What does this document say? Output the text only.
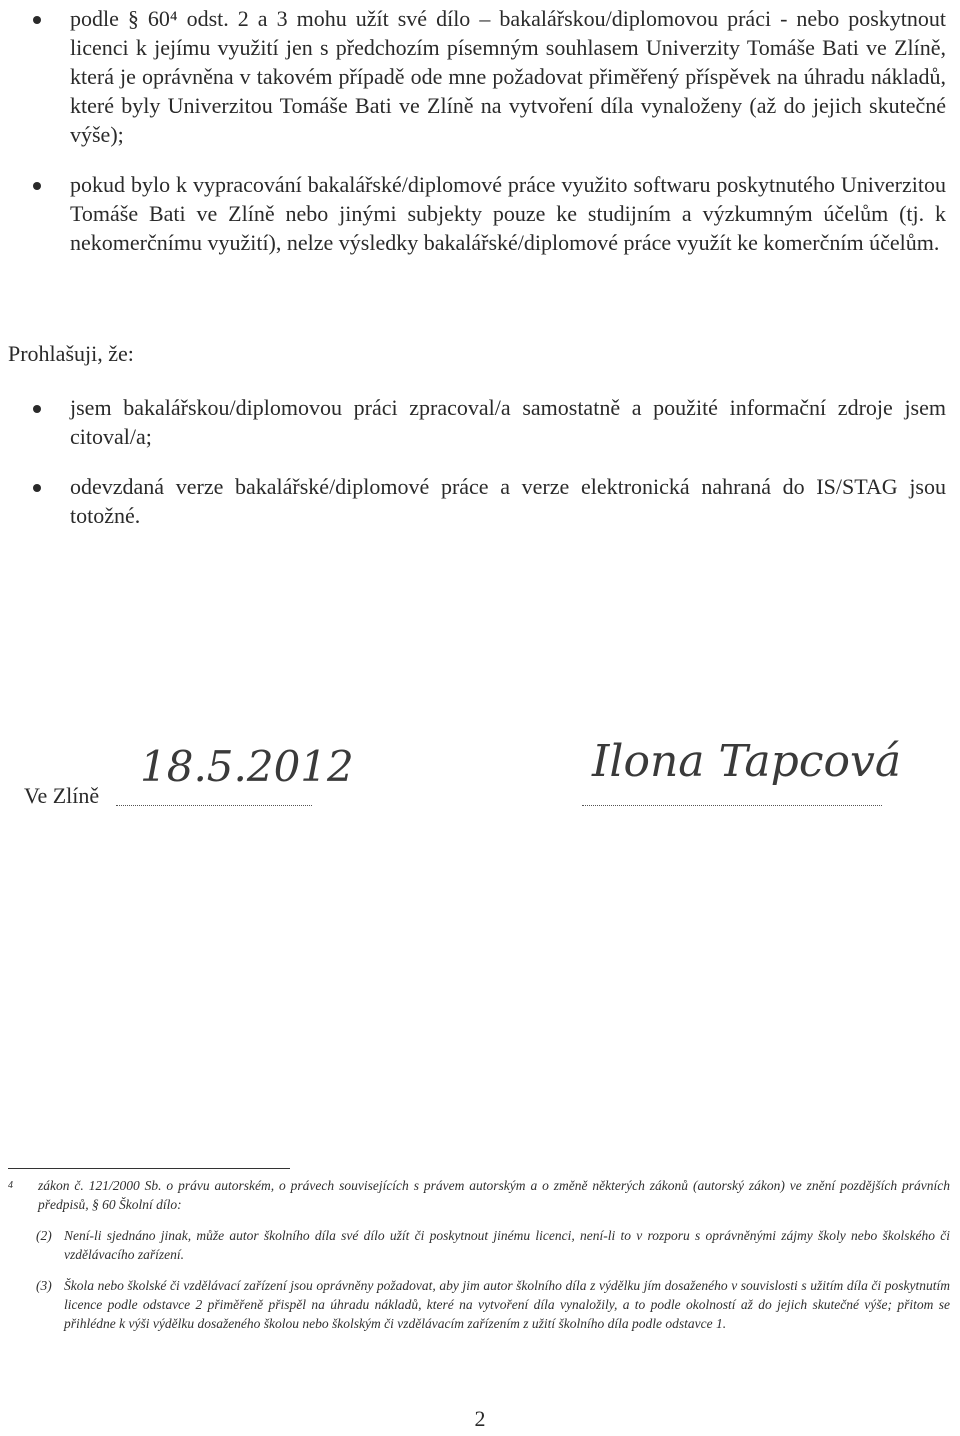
podle § 60⁴ odst. 2 a 3 mohu užít své dílo – bakalářskou/diplomovou práci - nebo poskytnout licenci k jejímu využití jen s předchozím písemným souhlasem Univerzity Tomáše Bati ve Zlíně, která je oprávněna v takovém případě ode mne požadovat přiměřený příspěvek na úhradu nákladů, které byly Univerzitou Tomáše Bati ve Zlíně na vytvoření díla vynaloženy (až do jejich skutečné výše);
pokud bylo k vypracování bakalářské/diplomové práce využito softwaru poskytnutého Univerzitou Tomáše Bati ve Zlíně nebo jinými subjekty pouze ke studijním a výzkumným účelům (tj. k nekomerčnímu využití), nelze výsledky bakalářské/diplomové práce využít ke komerčním účelům.
Prohlašuji, že:
jsem bakalářskou/diplomovou práci zpracoval/a samostatně a použité informační zdroje jsem citoval/a;
odevzdaná verze bakalářské/diplomové práce a verze elektronická nahraná do IS/STAG jsou totožné.
Ve Zlíně
18.5.2012	Ilona Tapcová
4	zákon č. 121/2000 Sb. o právu autorském, o právech souvisejících s právem autorským a o změně některých zákonů (autorský zákon) ve znění pozdějších právních předpisů, § 60 Školní dílo:
(2) Není-li sjednáno jinak, může autor školního díla své dílo užít či poskytnout jinému licenci, není-li to v rozporu s oprávněnými zájmy školy nebo školského či vzdělávacího zařízení.
(3) Škola nebo školské či vzdělávací zařízení jsou oprávněny požadovat, aby jim autor školního díla z výdělku jím dosaženého v souvislosti s užitím díla či poskytnutím licence podle odstavce 2 přiměřeně přispěl na úhradu nákladů, které na vytvoření díla vynaložily, a to podle okolností až do jejich skutečné výše; přitom se přihlédne k výši výdělku dosaženého školou nebo školským či vzdělávacím zařízením z užití školního díla podle odstavce 1.
2
